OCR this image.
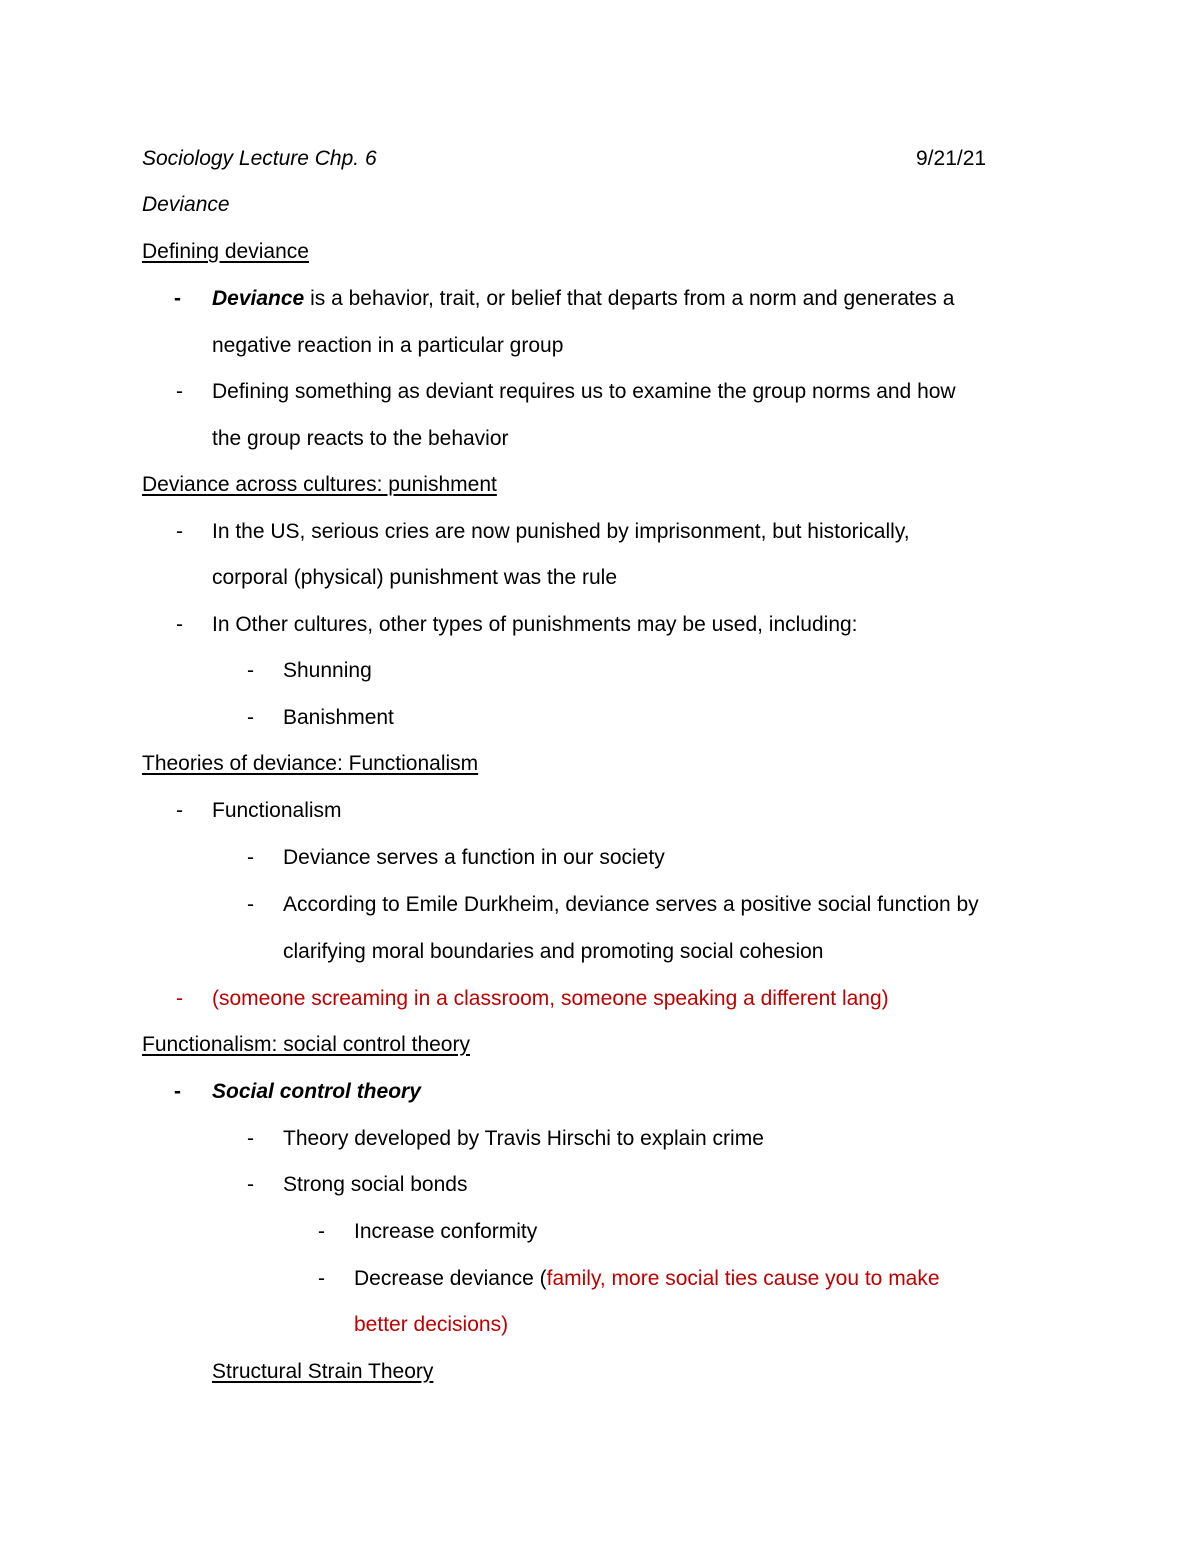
Sociology Lecture Chp. 6	9/21/21
Deviance
Defining deviance
- Deviance is a behavior, trait, or belief that departs from a norm and generates a
negative reaction in a particular group
- Defining something as deviant requires us to examine the group norms and how
the group reacts to the behavior
Deviance across cultures: punishment
- In the US, serious cries are now punished by imprisonment, but historically,
corporal (physical) punishment was the rule
- In Other cultures, other types of punishments may be used, including:
- Shunning
- Banishment
Theories of deviance: Functionalism
- Functionalism
- Deviance serves a function in our society
- According to Emile Durkheim, deviance serves a positive social function by
clarifying moral boundaries and promoting social cohesion
- (someone screaming in a classroom, someone speaking a different lang)
Functionalism: social control theory
- Social control theory
- Theory developed by Travis Hirschi to explain crime
- Strong social bonds
- Increase conformity
- Decrease deviance (family, more social ties cause you to make
better decisions)
Structural Strain Theory
